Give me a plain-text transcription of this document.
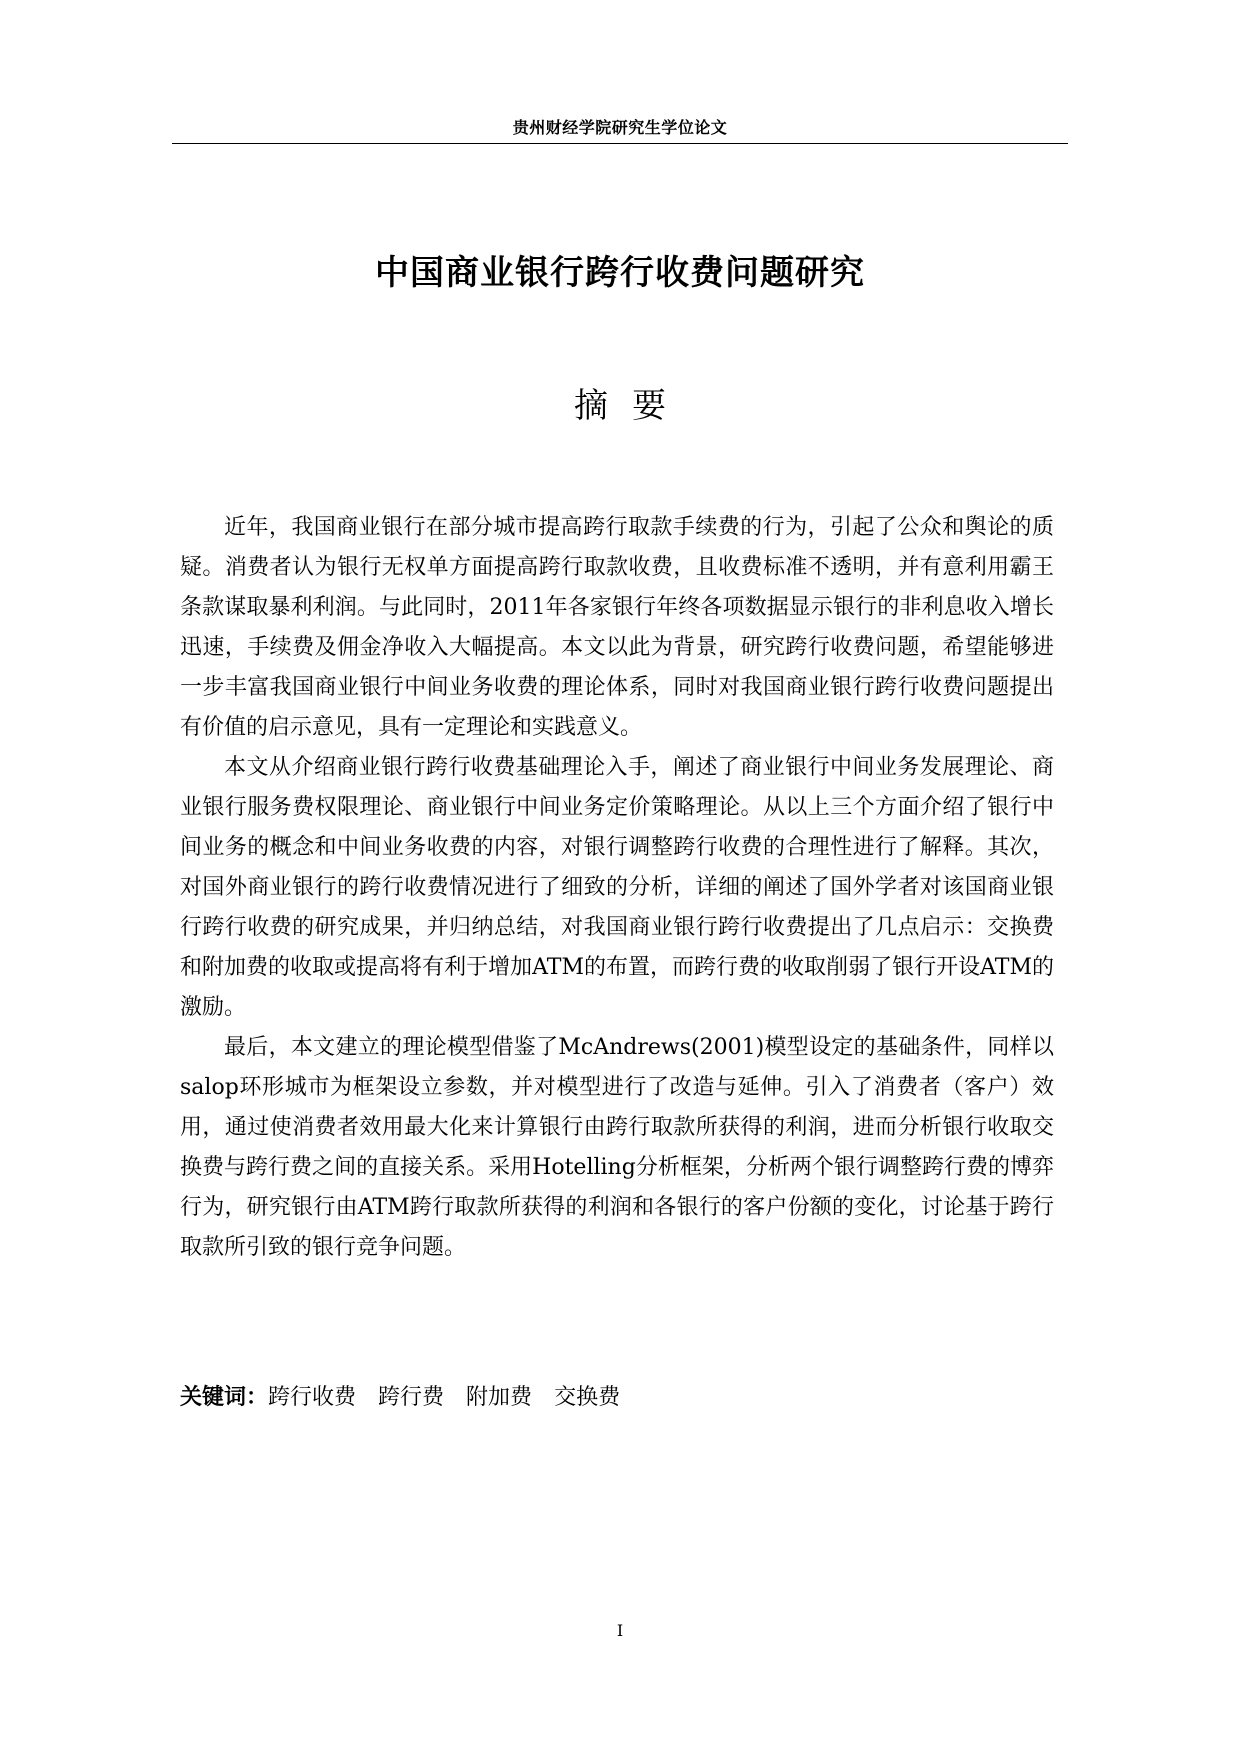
贵州财经学院研究生学位论文
中国商业银行跨行收费问题研究
摘要

近年，我国商业银行在部分城市提高跨行取款手续费的行为，引起了公众和舆论的质疑。消费者认为银行无权单方面提高跨行取款收费，且收费标准不透明，并有意利用霸王条款谋取暴利利润。与此同时，2011年各家银行年终各项数据显示银行的非利息收入增长迅速，手续费及佣金净收入大幅提高。本文以此为背景，研究跨行收费问题，希望能够进一步丰富我国商业银行中间业务收费的理论体系，同时对我国商业银行跨行收费问题提出有价值的启示意见，具有一定理论和实践意义。

本文从介绍商业银行跨行收费基础理论入手，阐述了商业银行中间业务发展理论、商业银行服务费权限理论、商业银行中间业务定价策略理论。从以上三个方面介绍了银行中间业务的概念和中间业务收费的内容，对银行调整跨行收费的合理性进行了解释。其次，对国外商业银行的跨行收费情况进行了细致的分析，详细的阐述了国外学者对该国商业银行跨行收费的研究成果，并归纳总结，对我国商业银行跨行收费提出了几点启示：交换费和附加费的收取或提高将有利于增加ATM的布置，而跨行费的收取削弱了银行开设ATM的激励。

最后，本文建立的理论模型借鉴了McAndrews(2001)模型设定的基础条件，同样以salop环形城市为框架设立参数，并对模型进行了改造与延伸。引入了消费者（客户）效用，通过使消费者效用最大化来计算银行由跨行取款所获得的利润，进而分析银行收取交换费与跨行费之间的直接关系。采用Hotelling分析框架，分析两个银行调整跨行费的博弈行为，研究银行由ATM跨行取款所获得的利润和各银行的客户份额的变化，讨论基于跨行取款所引致的银行竞争问题。

关键词：跨行收费 跨行费 附加费 交换费
I
